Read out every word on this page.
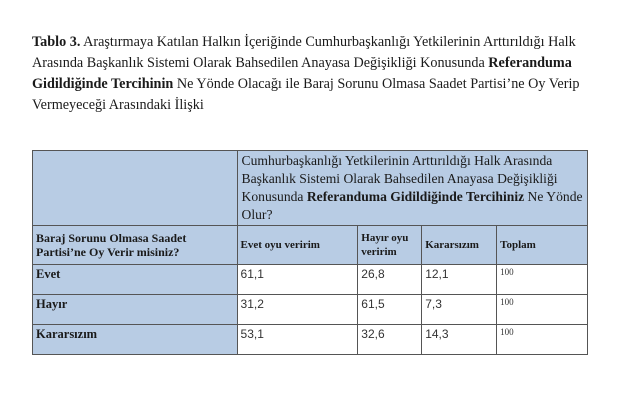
Tablo 3. Araştırmaya Katılan Halkın İçeriğinde Cumhurbaşkanlığı Yetkilerinin Arttırıldığı Halk Arasında Başkanlık Sistemi Olarak Bahsedilen Anayasa Değişikliği Konusunda Referanduma Gidildiğinde Tercihinin Ne Yönde Olacağı ile Baraj Sorunu Olmasa Saadet Partisi’ne Oy Verip Vermeyeceği Arasındaki İlişki
	Cumhurbaşkanlığı Yetkilerinin Arttırıldığı Halk Arasında Başkanlık Sistemi Olarak Bahsedilen Anayasa Değişikliği Konusunda Referanduma Gidildiğinde Tercihiniz Ne Yönde Olur?			
Baraj Sorunu Olmasa Saadet Partisi’ne Oy Verir misiniz?	Evet oyu veririm	Hayır oyu veririm	Kararsızım	Toplam
Evet	61,1	26,8	12,1	100
Hayır	31,2	61,5	7,3	100
Kararsızım	53,1	32,6	14,3	100
